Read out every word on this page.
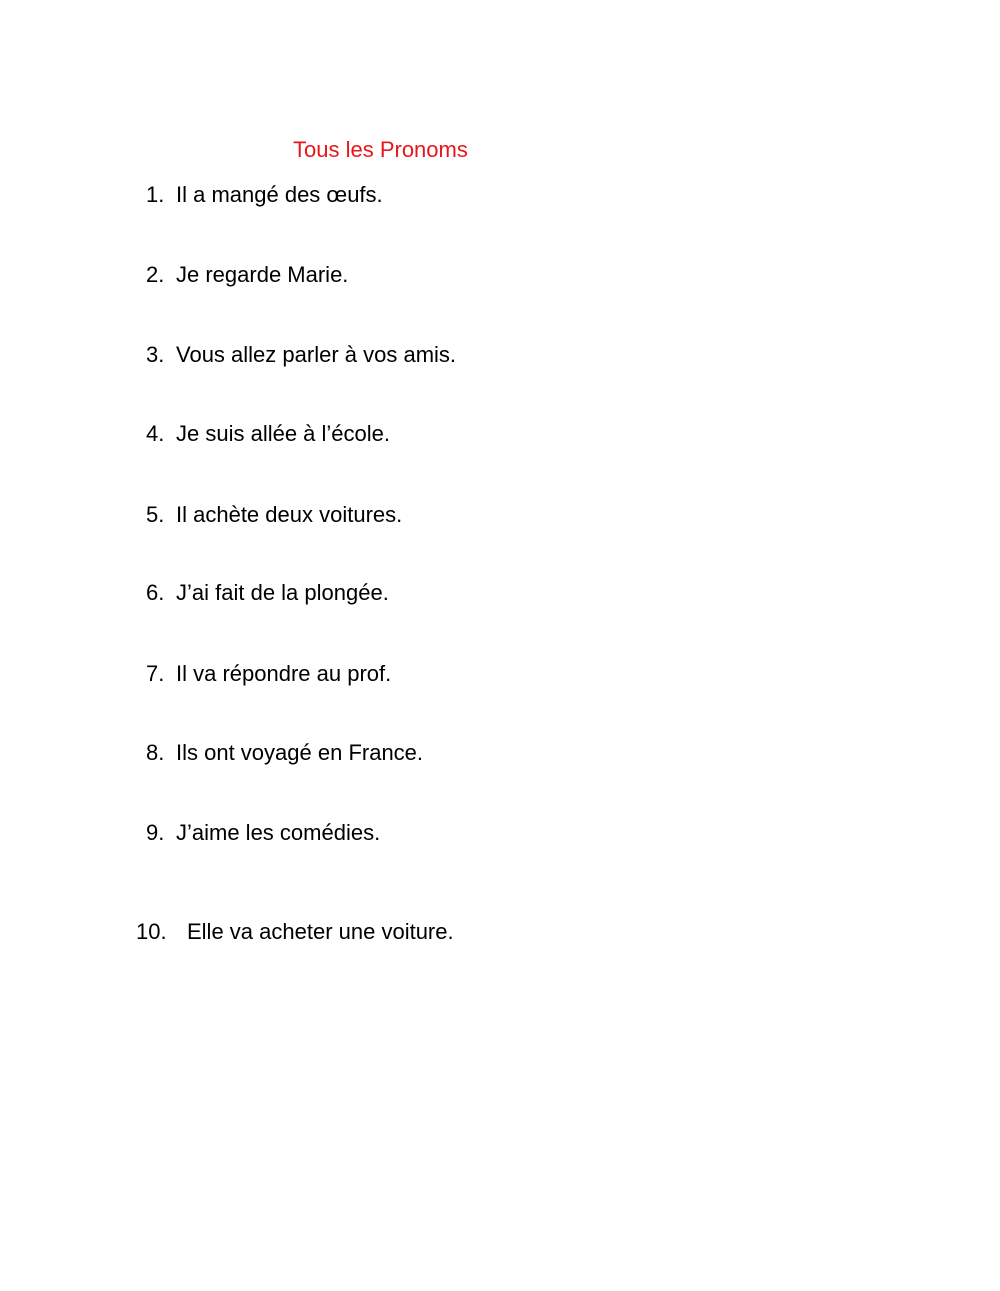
Tous les Pronoms
1. Il a mangé des œufs.
2. Je regarde Marie.
3. Vous allez parler à vos amis.
4. Je suis allée à l’école.
5. Il achète deux voitures.
6. J’ai fait de la plongée.
7. Il va répondre au prof.
8. Ils ont voyagé en France.
9. J’aime les comédies.
10. Elle va acheter une voiture.
